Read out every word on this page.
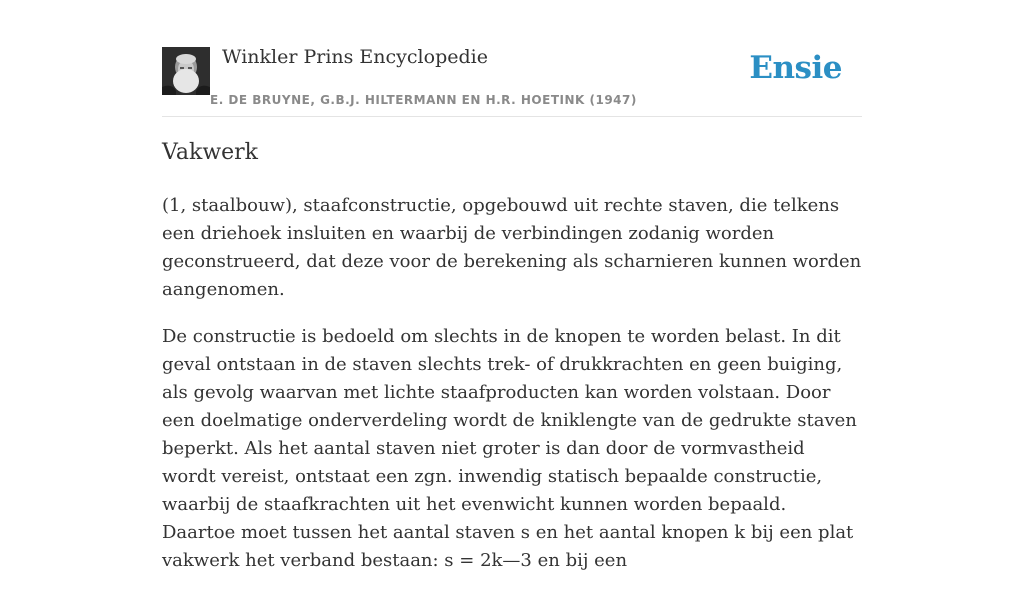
Winkler Prins Encyclopedie
E. DE BRUYNE, G.B.J. HILTERMANN EN H.R. HOETINK (1947)
Ensie
Vakwerk

(1, staalbouw), staafconstructie, opgebouwd uit rechte staven, die telkens een driehoek insluiten en waarbij de verbindingen zodanig worden geconstrueerd, dat deze voor de berekening als scharnieren kunnen worden aangenomen.

De constructie is bedoeld om slechts in de knopen te worden belast. In dit geval ontstaan in de staven slechts trek- of drukkrachten en geen buiging, als gevolg waarvan met lichte staafproducten kan worden volstaan. Door een doelmatige onderverdeling wordt de kniklengte van de gedrukte staven beperkt. Als het aantal staven niet groter is dan door de vormvastheid wordt vereist, ontstaat een zgn. inwendig statisch bepaalde constructie, waarbij de staafkrachten uit het evenwicht kunnen worden bepaald. Daartoe moet tussen het aantal staven s en het aantal knopen k bij een plat vakwerk het verband bestaan: s = 2k—3 en bij een
